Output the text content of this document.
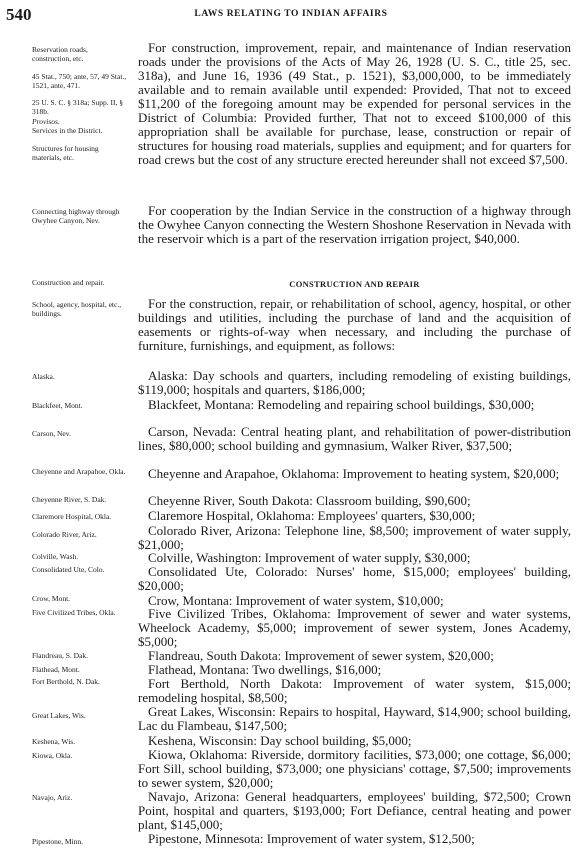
540	LAWS RELATING TO INDIAN AFFAIRS

Reservation roads, construction, etc.

45 Stat., 750; ante, 57, 49 Stat., 1521, ante, 471.

25 U. S. C. § 318a; Supp. II, § 318b.

Provisos.

Services in the District.

Structures for housing materials, etc.

Connecting highway through Owyhee Canyon, Nev.

Construction and repair.

School, agency, hospital, etc., buildings.

Alaska.

Blackfeet, Mont.

Carson, Nev.

Cheyenne and Arapahoe, Okla.

Cheyenne River, S. Dak.

Claremore Hospital, Okla.

Colorado River, Ariz.

Colville, Wash.

Consolidated Ute, Colo.

Crow, Mont.

Five Civilized Tribes, Okla.

Flandreau, S. Dak.

Flathead, Mont.

Fort Berthold, N. Dak.

Great Lakes, Wis.

Keshena, Wis.

Kiowa, Okla.

Navajo, Ariz.

Pipestone, Minn.

For construction, improvement, repair, and maintenance of Indian reservation roads under the provisions of the Acts of May 26, 1928 (U. S. C., title 25, sec. 318a), and June 16, 1936 (49 Stat., p. 1521), $3,000,000, to be immediately available and to remain available until expended: Provided, That not to exceed $11,200 of the foregoing amount may be expended for personal services in the District of Columbia: Provided further, That not to exceed $100,000 of this appropriation shall be available for purchase, lease, construction or repair of structures for housing road materials, supplies and equipment; and for quarters for road crews but the cost of any structure erected hereunder shall not exceed $7,500.

For cooperation by the Indian Service in the construction of a highway through the Owyhee Canyon connecting the Western Shoshone Reservation in Nevada with the reservoir which is a part of the reservation irrigation project, $40,000.

CONSTRUCTION AND REPAIR

For the construction, repair, or rehabilitation of school, agency, hospital, or other buildings and utilities, including the purchase of land and the acquisition of easements or rights-of-way when necessary, and including the purchase of furniture, furnishings, and equipment, as follows:

Alaska: Day schools and quarters, including remodeling of existing buildings, $119,000; hospitals and quarters, $186,000;

Blackfeet, Montana: Remodeling and repairing school buildings, $30,000;

Carson, Nevada: Central heating plant, and rehabilitation of power-distribution lines, $80,000; school building and gymnasium, Walker River, $37,500;

Cheyenne and Arapahoe, Oklahoma: Improvement to heating system, $20,000;

Cheyenne River, South Dakota: Classroom building, $90,600;

Claremore Hospital, Oklahoma: Employees' quarters, $30,000;

Colorado River, Arizona: Telephone line, $8,500; improvement of water supply, $21,000;

Colville, Washington: Improvement of water supply, $30,000;

Consolidated Ute, Colorado: Nurses' home, $15,000; employees' building, $20,000;

Crow, Montana: Improvement of water system, $10,000;

Five Civilized Tribes, Oklahoma: Improvement of sewer and water systems, Wheelock Academy, $5,000; improvement of sewer system, Jones Academy, $5,000;

Flandreau, South Dakota: Improvement of sewer system, $20,000;

Flathead, Montana: Two dwellings, $16,000;

Fort Berthold, North Dakota: Improvement of water system, $15,000; remodeling hospital, $8,500;

Great Lakes, Wisconsin: Repairs to hospital, Hayward, $14,900; school building, Lac du Flambeau, $147,500;

Keshena, Wisconsin: Day school building, $5,000;

Kiowa, Oklahoma: Riverside, dormitory facilities, $73,000; one cottage, $6,000; Fort Sill, school building, $73,000; one physicians' cottage, $7,500; improvements to sewer system, $20,000;

Navajo, Arizona: General headquarters, employees' building, $72,500; Crown Point, hospital and quarters, $193,000; Fort Defiance, central heating and power plant, $145,000;

Pipestone, Minnesota: Improvement of water system, $12,500;
